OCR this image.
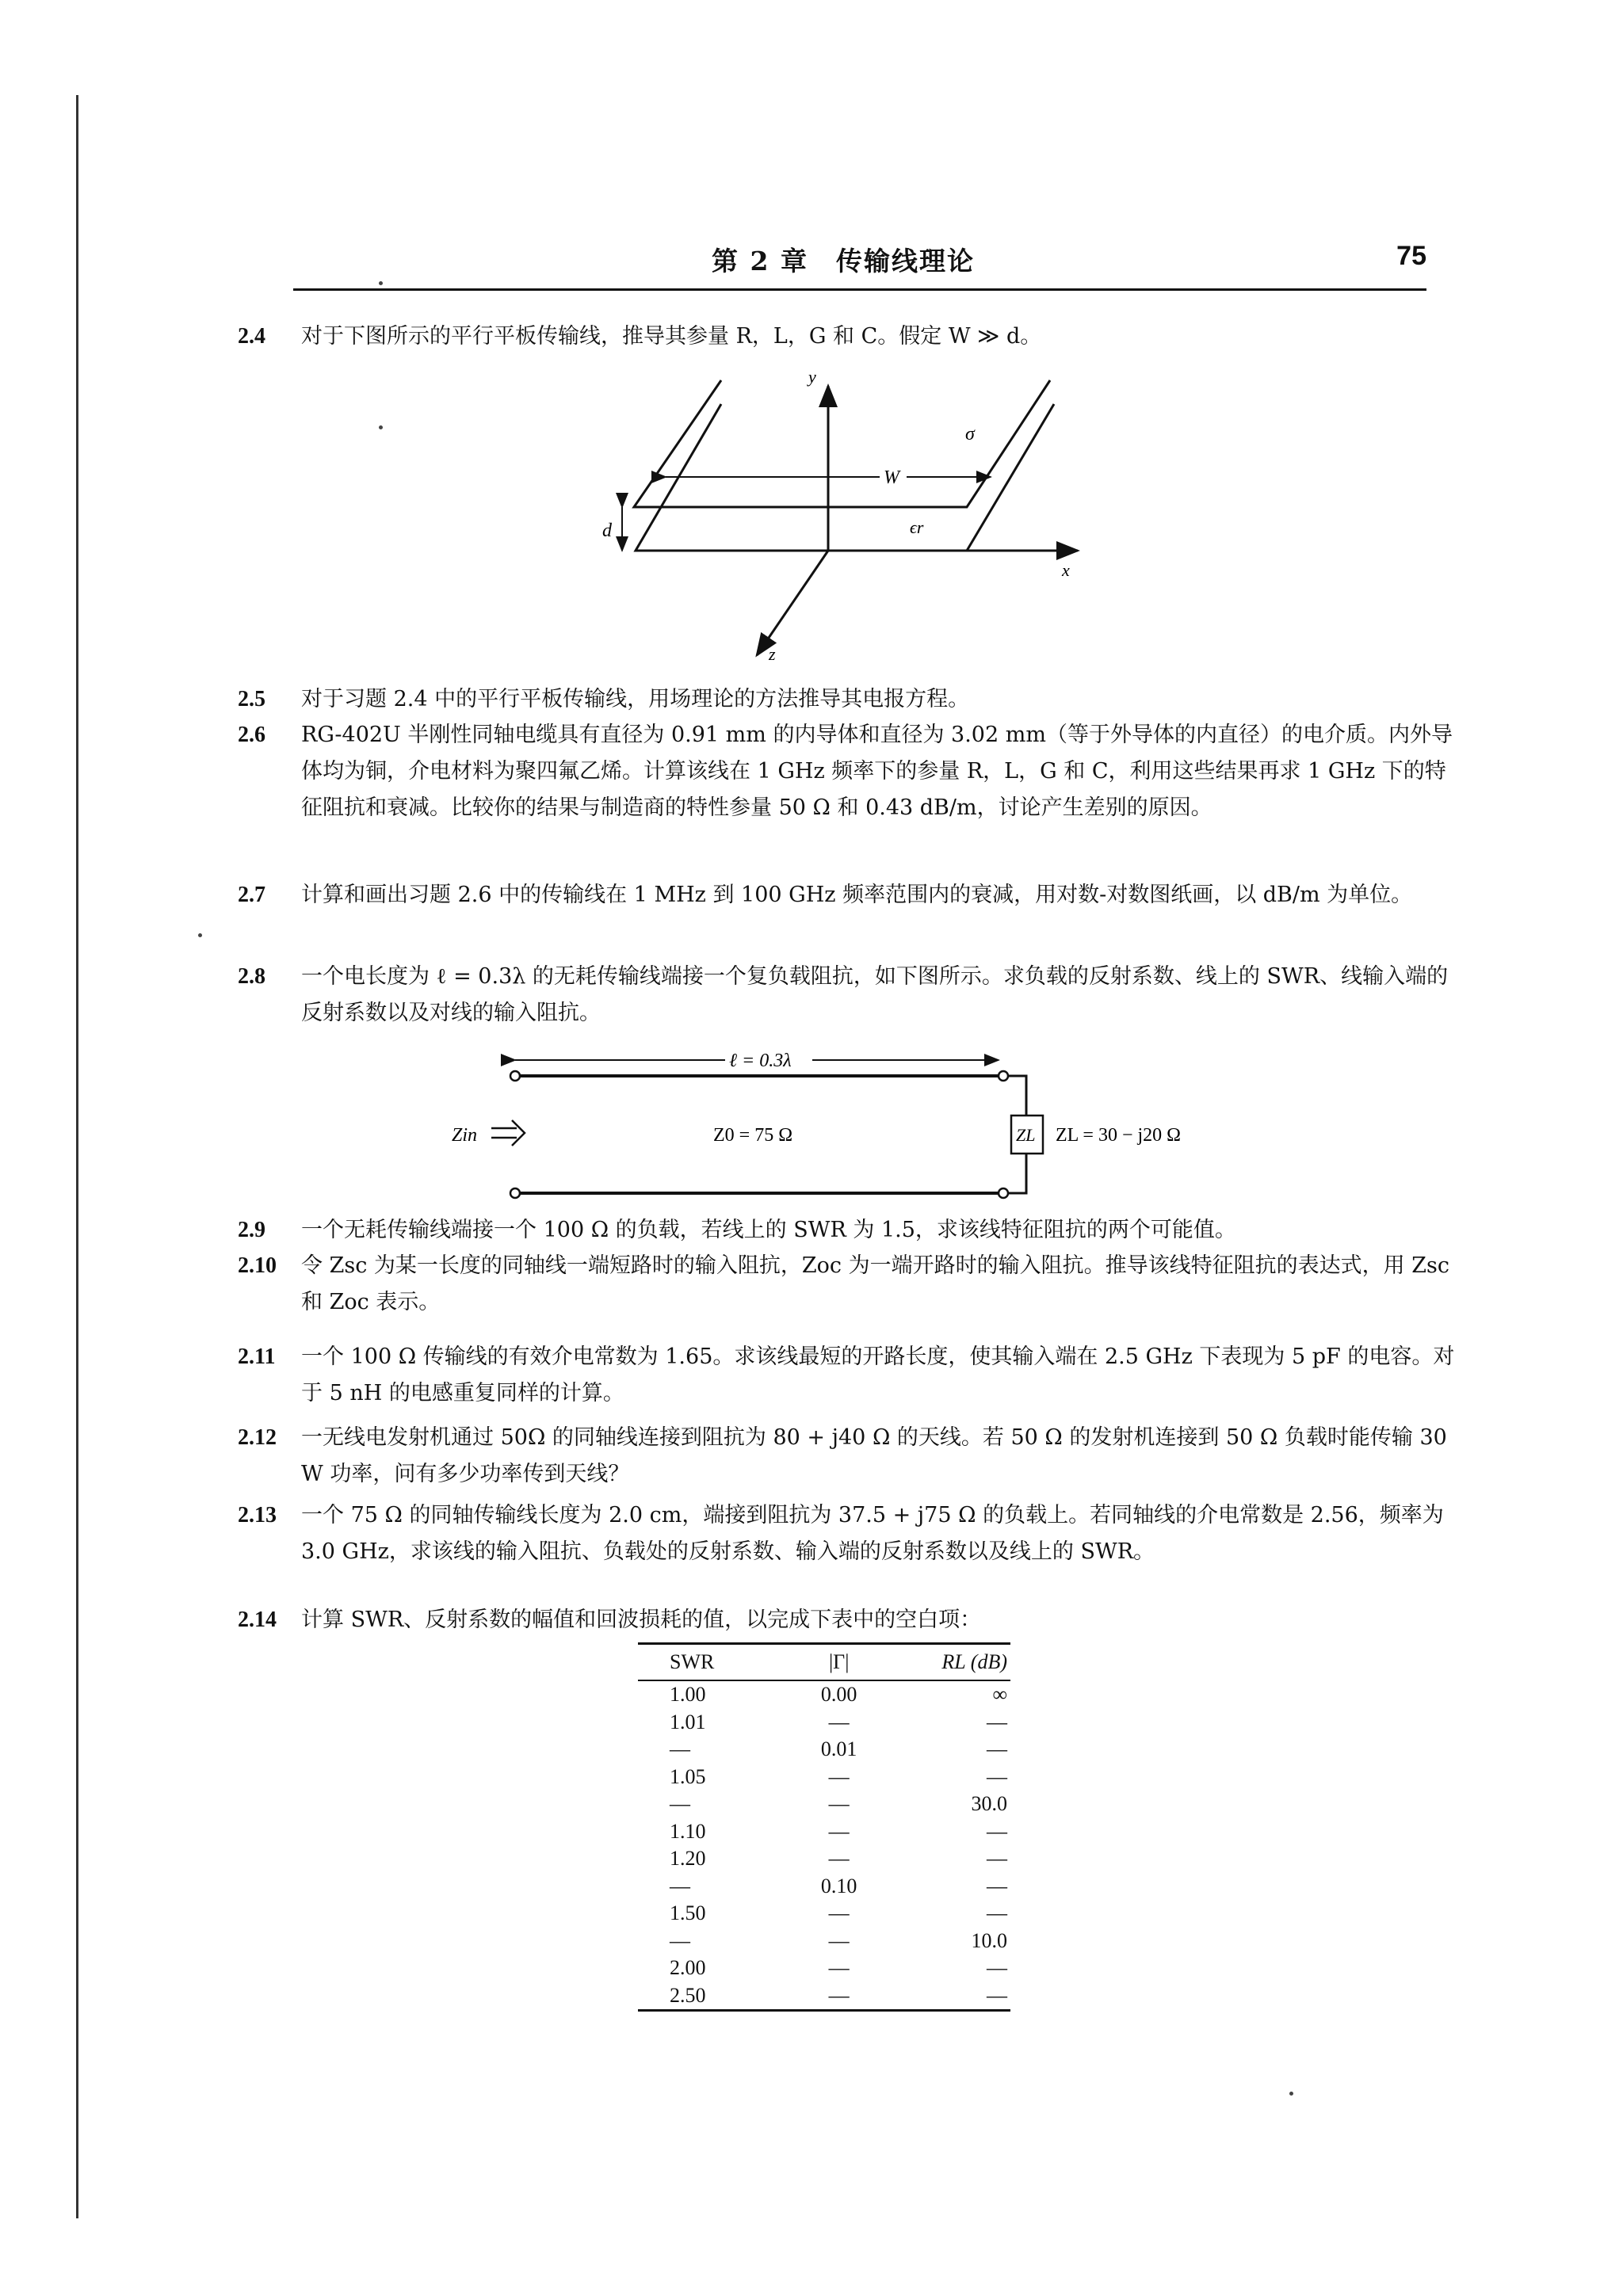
第 2 章　传输线理论	75
2.4	对于下图所示的平行平板传输线，推导其参量 R，L，G 和 C。假定 W ≫ d。
y
x
z
σ
W
ϵr
d
2.5	对于习题 2.4 中的平行平板传输线，用场理论的方法推导其电报方程。
2.6	RG-402U 半刚性同轴电缆具有直径为 0.91 mm 的内导体和直径为 3.02 mm（等于外导体的内直径）的电介质。内外导体均为铜，介电材料为聚四氟乙烯。计算该线在 1 GHz 频率下的参量 R，L，G 和 C，利用这些结果再求 1 GHz 下的特征阻抗和衰减。比较你的结果与制造商的特性参量 50 Ω 和 0.43 dB/m，讨论产生差别的原因。
2.7	计算和画出习题 2.6 中的传输线在 1 MHz 到 100 GHz 频率范围内的衰减，用对数-对数图纸画，以 dB/m 为单位。
2.8	一个电长度为 ℓ = 0.3λ 的无耗传输线端接一个复负载阻抗，如下图所示。求负载的反射系数、线上的 SWR、线输入端的反射系数以及对线的输入阻抗。
ℓ = 0.3λ
Zin	Z0 = 75 Ω	ZL ZL = 30 − j20 Ω
2.9	一个无耗传输线端接一个 100 Ω 的负载，若线上的 SWR 为 1.5，求该线特征阻抗的两个可能值。
2.10	令 Zsc 为某一长度的同轴线一端短路时的输入阻抗，Zoc 为一端开路时的输入阻抗。推导该线特征阻抗的表达式，用 Zsc 和 Zoc 表示。
2.11	一个 100 Ω 传输线的有效介电常数为 1.65。求该线最短的开路长度，使其输入端在 2.5 GHz 下表现为 5 pF 的电容。对于 5 nH 的电感重复同样的计算。
2.12	一无线电发射机通过 50Ω 的同轴线连接到阻抗为 80 + j40 Ω 的天线。若 50 Ω 的发射机连接到 50 Ω 负载时能传输 30 W 功率，问有多少功率传到天线？
2.13	一个 75 Ω 的同轴传输线长度为 2.0 cm，端接到阻抗为 37.5 + j75 Ω 的负载上。若同轴线的介电常数是 2.56，频率为 3.0 GHz，求该线的输入阻抗、负载处的反射系数、输入端的反射系数以及线上的 SWR。
2.14	计算 SWR、反射系数的幅值和回波损耗的值，以完成下表中的空白项：
SWR	|Γ|	RL (dB)
1.00	0.00	∞
1.01	—	—
—	0.01	—
1.05	—	—
—	—	30.0
1.10	—	—
1.20	—	—
—	0.10	—
1.50	—	—
—	—	10.0
2.00	—	—
2.50	—	—
